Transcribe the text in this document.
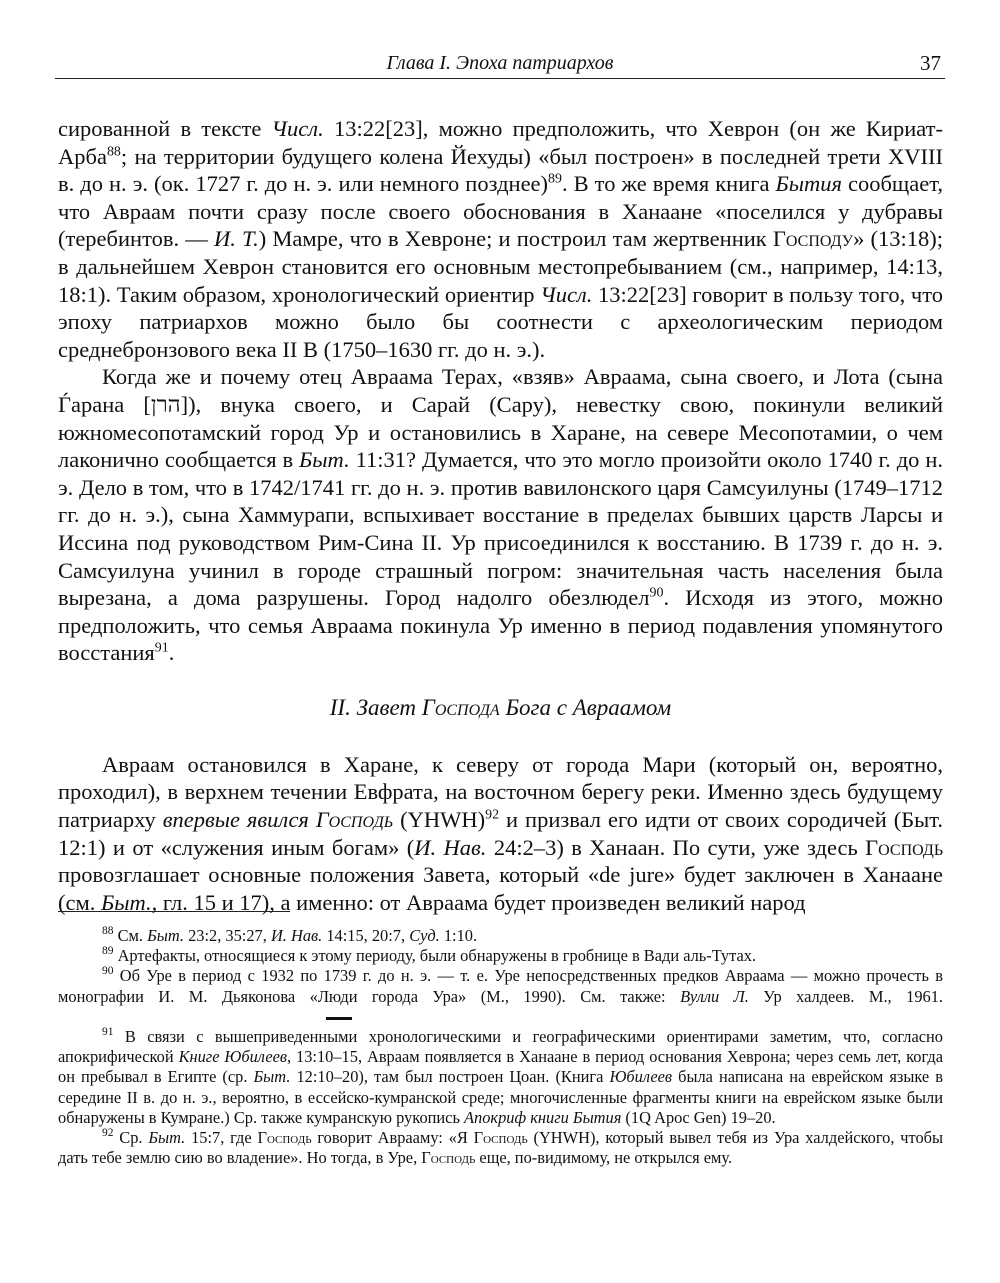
Глава I. Эпоха патриархов	37

сированной в тексте Числ. 13:22[23], можно предположить, что Хеврон (он же Кириат-Арба$^{88}$; на территории будущего колена Йехуды) «был построен» в последней трети XVIII в. до н. э. (ок. 1727 г. до н. э. или немного позднее)$^{89}$. В то же время книга Бытия сообщает, что Авраам почти сразу после своего обоснования в Ханаане «поселился у дубравы (теребинтов. — И. Т.) Мамре, что в Хевроне; и построил там жертвенник Господу» (13:18); в дальнейшем Хеврон становится его основным местопребыванием (см., например, 14:13, 18:1). Таким образом, хронологический ориентир Числ. 13:22[23] говорит в пользу того, что эпоху патриархов можно было бы соотнести с археологическим периодом среднебронзового века II B (1750–1630 гг. до н. э.).

Когда же и почему отец Авраама Терах, «взяв» Авраама, сына своего, и Лота (сына Ѓарана [הרן]), внука своего, и Сарай (Сару), невестку свою, покинули великий южномесопотамский город Ур и остановились в Харане, на севере Месопотамии, о чем лаконично сообщается в Быт. 11:31? Думается, что это могло произойти около 1740 г. до н. э. Дело в том, что в 1742/1741 гг. до н. э. против вавилонского царя Самсуилуны (1749–1712 гг. до н. э.), сына Хаммурапи, вспыхивает восстание в пределах бывших царств Ларсы и Иссина под руководством Рим-Сина II. Ур присоединился к восстанию. В 1739 г. до н. э. Самсуилуна учинил в городе страшный погром: значительная часть населения была вырезана, а дома разрушены. Город надолго обезлюдел$^{90}$. Исходя из этого, можно предположить, что семья Авраама покинула Ур именно в период подавления упомянутого восстания$^{91}$.

II. Завет Господа Бога с Авраамом

Авраам остановился в Харане, к северу от города Мари (который он, вероятно, проходил), в верхнем течении Евфрата, на восточном берегу реки. Именно здесь будущему патриарху впервые явился Господь (YHWH)$^{92}$ и призвал его идти от своих сородичей (Быт. 12:1) и от «служения иным богам» (И. Нав. 24:2–3) в Ханаан. По сути, уже здесь Господь провозглашает основные положения Завета, который «de jure» будет заключен в Ханаане (см. Быт., гл. 15 и 17), а именно: от Авраама будет произведен великий народ

$^{88}$ См. Быт. 23:2, 35:27, И. Нав. 14:15, 20:7, Суд. 1:10.

$^{89}$ Артефакты, относящиеся к этому периоду, были обнаружены в гробнице в Вади аль-Тутах.

$^{90}$ Об Уре в период с 1932 по 1739 г. до н. э. — т. е. Уре непосредственных предков Авраама — можно прочесть в монографии И. М. Дьяконова «Люди города Ура» (М., 1990). См. также: Вулли Л. Ур халдеев. М., 1961.

$^{91}$ В связи с вышеприведенными хронологическими и географическими ориентирами заметим, что, согласно апокрифической Книге Юбилеев, 13:10–15, Авраам появляется в Ханаане в период основания Хеврона; через семь лет, когда он пребывал в Египте (ср. Быт. 12:10–20), там был построен Цоан. (Книга Юбилеев была написана на еврейском языке в середине II в. до н. э., вероятно, в ессейско-кумранской среде; многочисленные фрагменты книги на еврейском языке были обнаружены в Кумране.) Ср. также кумранскую рукопись Апокриф книги Бытия (1Q Apoc Gen) 19–20.

$^{92}$ Ср. Быт. 15:7, где Господь говорит Аврааму: «Я Господь (YHWH), который вывел тебя из Ура халдейского, чтобы дать тебе землю сию во владение». Но тогда, в Уре, Господь еще, по-видимому, не открылся ему.
